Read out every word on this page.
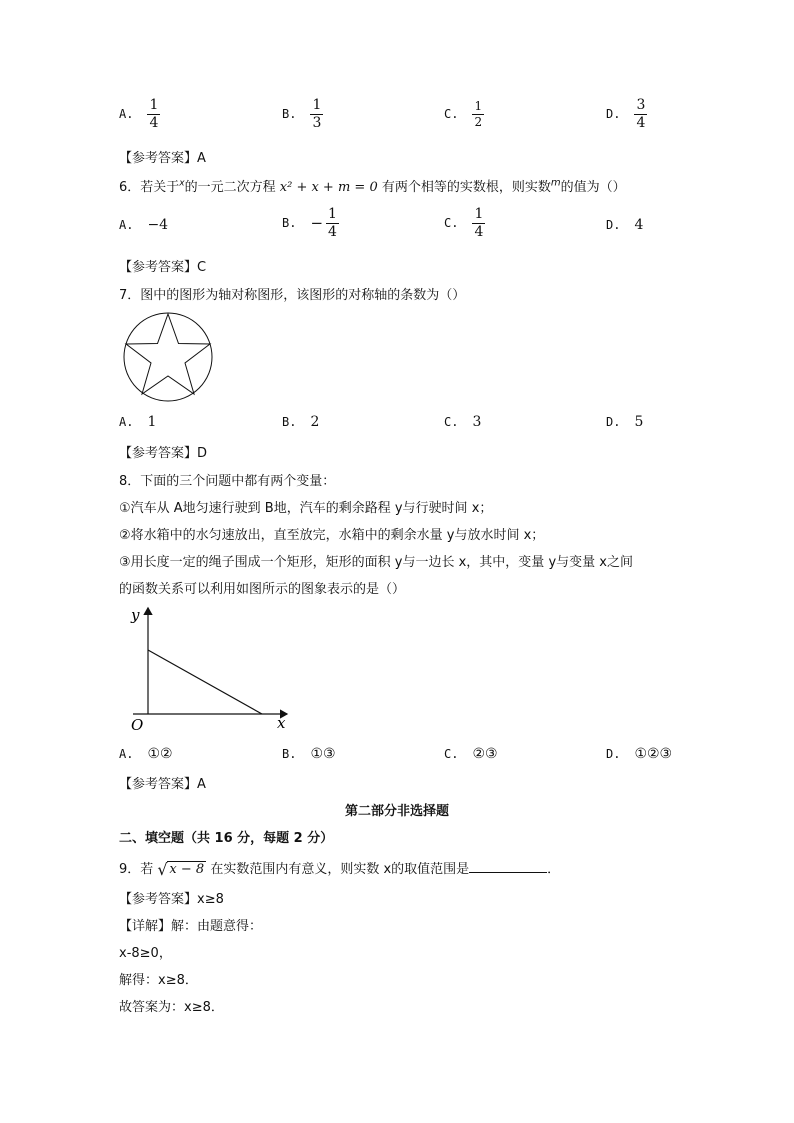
A. $\frac{1}{4}$	B. $\frac{1}{3}$	C. $\frac{1}{2}$	D. $\frac{3}{4}$
【参考答案】A
6．若关于$^x$的一元二次方程 x² + x + m = 0 有两个相等的实数根，则实数$^m$的值为（）
A. −4	B. − $\frac{1}{4}$	C. $\frac{1}{4}$	D. 4
【参考答案】C
7．图中的图形为轴对称图形，该图形的对称轴的条数为（）
A. 1	B. 2	C. 3	D. 5
【参考答案】D
8．下面的三个问题中都有两个变量：
①汽车从 A地匀速行驶到 B地，汽车的剩余路程 y与行驶时间 x；
②将水箱中的水匀速放出，直至放完，水箱中的剩余水量 y与放水时间 x；
③用长度一定的绳子围成一个矩形，矩形的面积 y与一边长 x，其中，变量 y与变量 x之间
的函数关系可以利用如图所示的图象表示的是（）
y
x
O
A. ①②	B. ①③	C. ②③	D. ①②③
【参考答案】A
第二部分非选择题
二、填空题（共 16 分，每题 2 分）
9．若 √ x − 8 在实数范围内有意义，则实数 x的取值范围是	．
【参考答案】x≥8
【详解】解：由题意得：
x-8≥0，
解得：x≥8．
故答案为：x≥8．
